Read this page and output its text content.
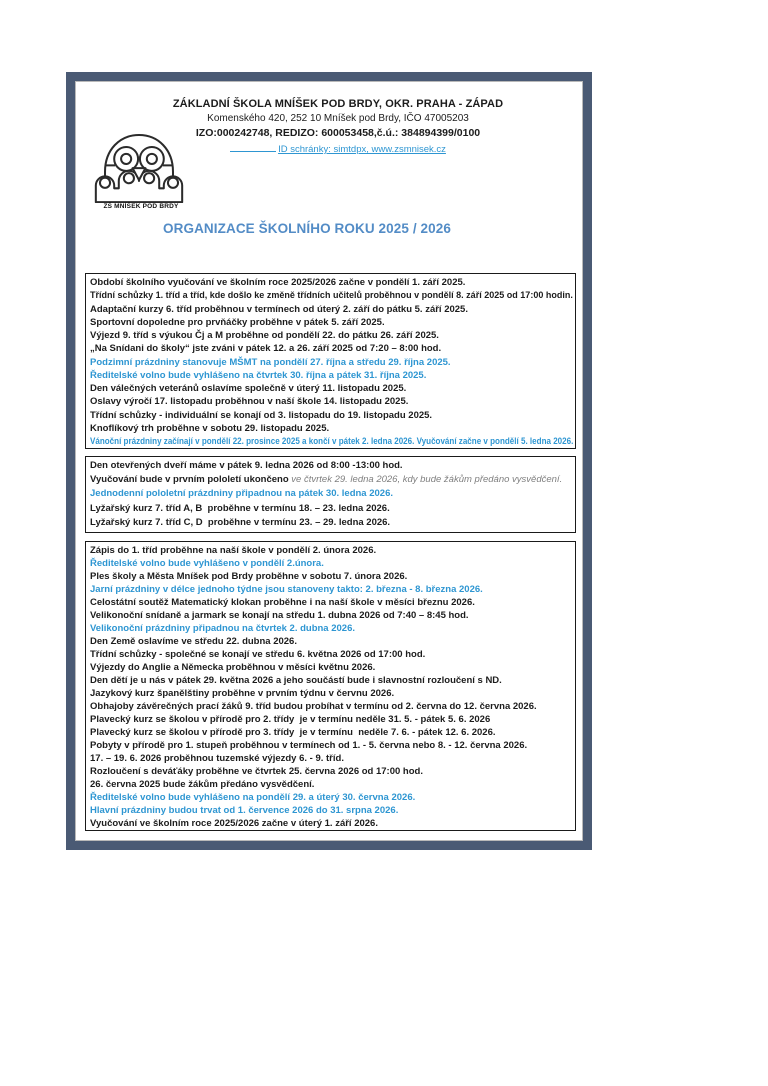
ZŠ MNÍŠEK POD BRDY
ZÁKLADNÍ ŠKOLA MNÍŠEK POD BRDY, OKR. PRAHA - ZÁPAD
Komenského 420, 252 10 Mníšek pod Brdy, IČO 47005203
IZO:000242748, REDIZO: 600053458,č.ú.: 384894399/0100
ID schránky: simtdpx, www.zsmnisek.cz
ORGANIZACE ŠKOLNÍHO ROKU 2025 / 2026
Období školního vyučování ve školním roce 2025/2026 začne v pondělí 1. září 2025.
Třídní schůzky 1. tříd a tříd, kde došlo ke změně třídních učitelů proběhnou v pondělí 8. září 2025 od 17:00 hodin.
Adaptační kurzy 6. tříd proběhnou v termínech od úterý 2. září do pátku 5. září 2025.
Sportovní dopoledne pro prvňáčky proběhne v pátek 5. září 2025.
Výjezd 9. tříd s výukou Čj a M proběhne od pondělí 22. do pátku 26. září 2025.
„Na Snídani do školy“ jste zváni v pátek 12. a 26. září 2025 od 7:20 – 8:00 hod.
Podzimní prázdniny stanovuje MŠMT na pondělí 27. října a středu 29. října 2025.
Ředitelské volno bude vyhlášeno na čtvrtek 30. října a pátek 31. října 2025.
Den válečných veteránů oslavíme společně v úterý 11. listopadu 2025.
Oslavy výročí 17. listopadu proběhnou v naší škole 14. listopadu 2025.
Třídní schůzky - individuální se konají od 3. listopadu do 19. listopadu 2025.
Knoflíkový trh proběhne v sobotu 29. listopadu 2025.
Vánoční prázdniny začínají v pondělí 22. prosince 2025 a končí v pátek 2. ledna 2026. Vyučování začne v pondělí 5. ledna 2026.
Den otevřených dveří máme v pátek 9. ledna 2026 od 8:00 -13:00 hod.
Vyučování bude v prvním pololetí ukončeno ve čtvrtek 29. ledna 2026, kdy bude žákům předáno vysvědčení.
Jednodenní pololetní prázdniny připadnou na pátek 30. ledna 2026.
Lyžařský kurz 7. tříd A, B  proběhne v termínu 18. – 23. ledna 2026.
Lyžařský kurz 7. tříd C, D  proběhne v termínu 23. – 29. ledna 2026.
Zápis do 1. tříd proběhne na naší škole v pondělí 2. února 2026.
Ředitelské volno bude vyhlášeno v pondělí 2.února.
Ples školy a Města Mníšek pod Brdy proběhne v sobotu 7. února 2026.
Jarní prázdniny v délce jednoho týdne jsou stanoveny takto: 2. března - 8. března 2026.
Celostátní soutěž Matematický klokan proběhne i na naší škole v měsíci březnu 2026.
Velikonoční snídaně a jarmark se konají na středu 1. dubna 2026 od 7:40 – 8:45 hod.
Velikonoční prázdniny připadnou na čtvrtek 2. dubna 2026.
Den Země oslavíme ve středu 22. dubna 2026.
Třídní schůzky - společné se konají ve středu 6. května 2026 od 17:00 hod.
Výjezdy do Anglie a Německa proběhnou v měsíci květnu 2026.
Den dětí je u nás v pátek 29. května 2026 a jeho součástí bude i slavnostní rozloučení s ND.
Jazykový kurz španělštiny proběhne v prvním týdnu v červnu 2026.
Obhajoby závěrečných prací žáků 9. tříd budou probíhat v termínu od 2. června do 12. června 2026.
Plavecký kurz se školou v přírodě pro 2. třídy  je v termínu neděle 31. 5. - pátek 5. 6. 2026
Plavecký kurz se školou v přírodě pro 3. třídy  je v termínu  neděle 7. 6. - pátek 12. 6. 2026.
Pobyty v přírodě pro 1. stupeň proběhnou v termínech od 1. - 5. června nebo 8. - 12. června 2026.
17. – 19. 6. 2026 proběhnou tuzemské výjezdy 6. - 9. tříd.
Rozloučení s deváťáky proběhne ve čtvrtek 25. června 2026 od 17:00 hod.
26. června 2025 bude žákům předáno vysvědčení.
Ředitelské volno bude vyhlášeno na pondělí 29. a úterý 30. června 2026.
Hlavní prázdniny budou trvat od 1. července 2026 do 31. srpna 2026.
Vyučování ve školním roce 2025/2026 začne v úterý 1. září 2026.
